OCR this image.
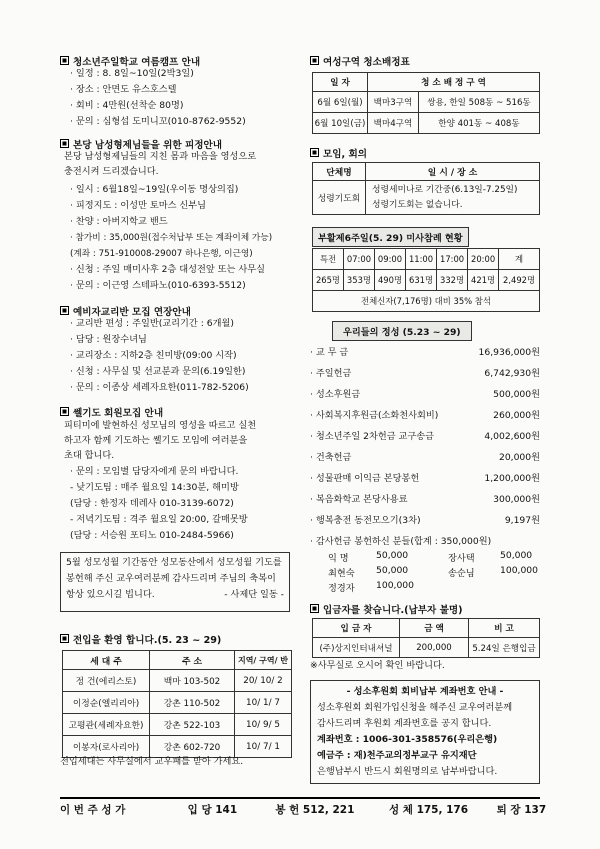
청소년주일학교 여름캠프 안내
· 일정 : 8. 8일~10일(2박3일)
· 장소 : 안면도 유스호스텔
· 회비 : 4만원(선착순 80명)
· 문의 : 심형섭 도미니꼬(010-8762-9552)
본당 남성형제님들을 위한 피정안내
본당 남성형제님들의 지친 몸과 마음을 영성으로
충전시켜 드리겠습니다.
· 일시 : 6월18일~19일(우이동 명상의집)
· 피정지도 : 이성만 토마스 신부님
· 찬양 : 아버지학교 밴드
· 참가비 : 35,000원(접수처납부 또는 계좌이체 가능)
(계좌 : 751-910008-29007 하나은행, 이근영)
· 신청 : 주일 매미사후 2층 대성전앞 또는 사무실
· 문의 : 이근영 스테파노(010-6393-5512)
예비자교리반 모집 연장안내
· 교리반 편성 : 주일반(교리기간 : 6개월)
· 담당 : 원장수녀님
· 교리장소 : 지하2층 친미방(09:00 시작)
· 신청 : 사무실 및 선교분과 문의(6.19일한)
· 문의 : 이종상 세례자요한(011-782-5206)
쎌기도 회원모집 안내
피티미에 발현하신 성모님의 영성을 따르고 실천
하고자 함께 기도하는 쎌기도 모임에 여러분을
초대 합니다.
· 문의 : 모임별 담당자에게 문의 바랍니다.
- 낮기도팀 : 매주 월요일 14:30분, 해미방
(담당 : 한정자 데레사 010-3139-6072)
- 저녁기도팀 : 격주 월요일 20:00, 갈매못방
(담당 : 서승원 포티노 010-2484-5966)
5월 성모성월 기간동안 성모동산에서 성모성월 기도를
봉헌해 주신 교우여러분께 감사드리며 주님의 축복이
항상 있으시길 빕니다.	- 사제단 일동 -
전입을 환영 합니다.(5. 23 ~ 29)
세 대 주	주 소	지역/ 구역/ 반
정 건(에리스토)	백마 103-502	20/ 10/ 2
이정순(엘리리아)	강촌 110-502	10/ 1/ 7
고평관(세례자요한)	강촌 522-103	10/ 9/ 5
이봉자(로사리아)	강촌 602-720	10/ 7/ 1
전입세대는 사무실에서 교우패를 받아 가세요.
여성구역 청소배정표
일 자	청 소 배 정 구 역	
6월 6일(월)	백마3구역	쌍용, 한일 508동 ~ 516동
6월 10일(금)	백마4구역	한양 401동 ~ 408동
모임, 회의
단체명	일 시 / 장 소
성령기도회	성령세미나로 기간중(6.13일-7.25일)
성령기도회는 없습니다.
부활제6주일(5. 29) 미사참례 현황
특전	07:00	09:00	11:00	17:00	20:00	계
265명	353명	490명	631명	332명	421명	2,492명
전체신자(7,176명) 대비 35% 참석						
우리들의 정성 (5.23 ~ 29)
· 교 무 금	16,936,000원
· 주일헌금	6,742,930원
· 성소후원금	500,000원
· 사회복지후원금(소화천사회비)	260,000원
· 청소년주일 2차헌금 교구송금	4,002,600원
· 건축헌금	20,000원
· 성물판매 이익금 본당봉헌	1,200,000원
· 복음화학교 본당사용료	300,000원
· 행복충전 동전모으기(3차)	9,197원
· 감사헌금 봉헌하신 분들(합계 : 350,000원)
익 명	50,000	장사택	50,000
최현숙 50,000	송순님	100,000
정경자 100,000
입금자를 찾습니다.(납부자 불명)
입 금 자	금 액	비 고
(주)상지인터내셔널	200,000	5.24일 은행입금
※사무실로 오시어 확인 바랍니다.
- 성소후원회 회비납부 계좌번호 안내 -
성소후원회 회원가입신청을 해주신 교우여러분께
감사드리며 후원회 계좌번호를 공지 합니다.
계좌번호 : 1006-301-358576(우리은행)
예금주 : 재)천주교의정부교구 유지재단
은행납부시 반드시 회원명의로 납부바랍니다.
이 번 주 성 가	입 당 141	봉 헌 512, 221	성 체 175, 176	퇴 장 137
